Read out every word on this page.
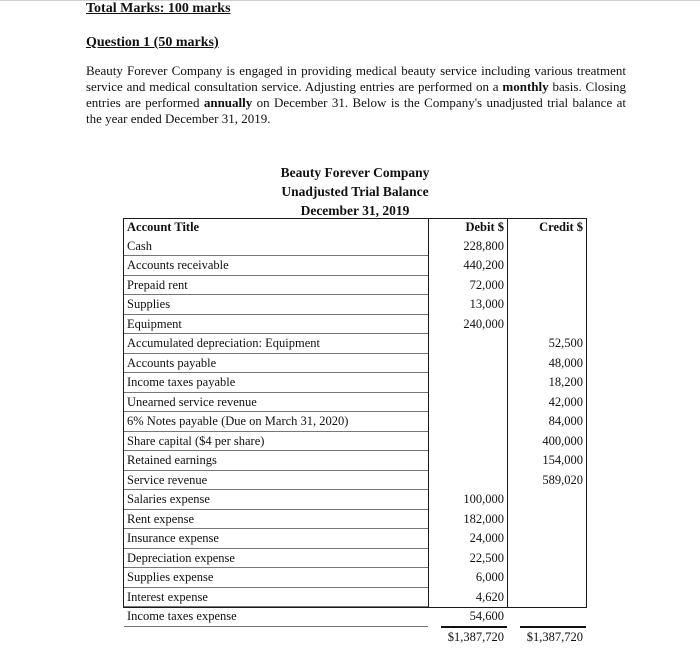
Total Marks: 100 marks
Question 1 (50 marks)

Beauty Forever Company is engaged in providing medical beauty service including various treatment service and medical consultation service. Adjusting entries are performed on a monthly basis. Closing entries are performed annually on December 31. Below is the Company's unadjusted trial balance at the year ended December 31, 2019.

Beauty Forever Company
Unadjusted Trial Balance
December 31, 2019
Account Title	Debit $	Credit $
Cash	228,800	
Accounts receivable	440,200	
Prepaid rent	72,000	
Supplies	13,000	
Equipment	240,000	
Accumulated depreciation: Equipment		52,500
Accounts payable		48,000
Income taxes payable		18,200
Unearned service revenue		42,000
6% Notes payable (Due on March 31, 2020)		84,000
Share capital ($4 per share)		400,000
Retained earnings		154,000
Service revenue		589,020
Salaries expense	100,000	
Rent expense	182,000	
Insurance expense	24,000	
Depreciation expense	22,500	
Supplies expense	6,000	
Interest expense	4,620	
Income taxes expense	54,600	
	$1,387,720	$1,387,720
